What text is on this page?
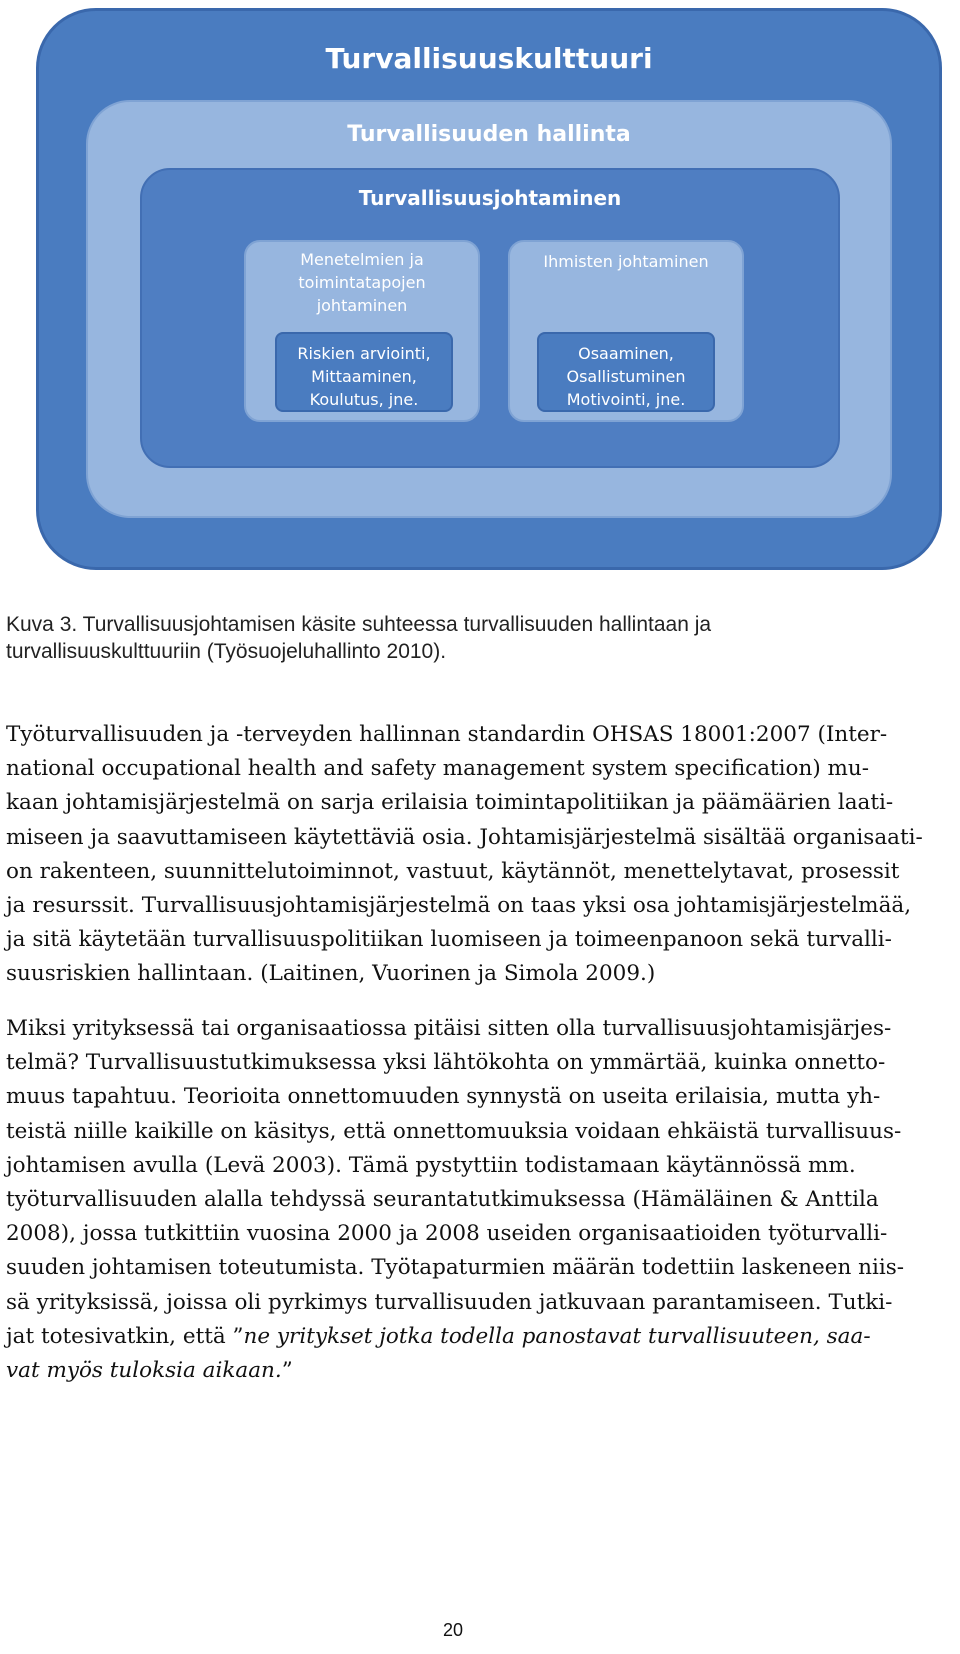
Turvallisuuskulttuuri
Turvallisuuden hallinta
Turvallisuusjohtaminen
Menetelmien ja
toimintatapojen
johtaminen
Ihmisten johtaminen
Riskien arviointi,
Mittaaminen,
Koulutus, jne.
Osaaminen,
Osallistuminen
Motivointi, jne.
Kuva 3. Turvallisuusjohtamisen käsite suhteessa turvallisuuden hallintaan ja
turvallisuuskulttuuriin (Työsuojeluhallinto 2010).
Työturvallisuuden ja -terveyden hallinnan standardin OHSAS 18001:2007 (Inter-
national occupational health and safety management system specification) mu-
kaan johtamisjärjestelmä on sarja erilaisia toimintapolitiikan ja päämäärien laati-
miseen ja saavuttamiseen käytettäviä osia. Johtamisjärjestelmä sisältää organisaati-
on rakenteen, suunnittelutoiminnot, vastuut, käytännöt, menettelytavat, prosessit
ja resurssit. Turvallisuusjohtamisjärjestelmä on taas yksi osa johtamisjärjestelmää,
ja sitä käytetään turvallisuuspolitiikan luomiseen ja toimeenpanoon sekä turvalli-
suusriskien hallintaan. (Laitinen, Vuorinen ja Simola 2009.)
Miksi yrityksessä tai organisaatiossa pitäisi sitten olla turvallisuusjohtamisjärjes-
telmä? Turvallisuustutkimuksessa yksi lähtökohta on ymmärtää, kuinka onnetto-
muus tapahtuu. Teorioita onnettomuuden synnystä on useita erilaisia, mutta yh-
teistä niille kaikille on käsitys, että onnettomuuksia voidaan ehkäistä turvallisuus-
johtamisen avulla (Levä 2003). Tämä pystyttiin todistamaan käytännössä mm.
työturvallisuuden alalla tehdyssä seurantatutkimuksessa (Hämäläinen & Anttila
2008), jossa tutkittiin vuosina 2000 ja 2008 useiden organisaatioiden työturvalli-
suuden johtamisen toteutumista. Työtapaturmien määrän todettiin laskeneen niis-
sä yrityksissä, joissa oli pyrkimys turvallisuuden jatkuvaan parantamiseen. Tutki-
jat totesivatkin, että ”ne yritykset jotka todella panostavat turvallisuuteen, saa-
vat myös tuloksia aikaan.”
20
